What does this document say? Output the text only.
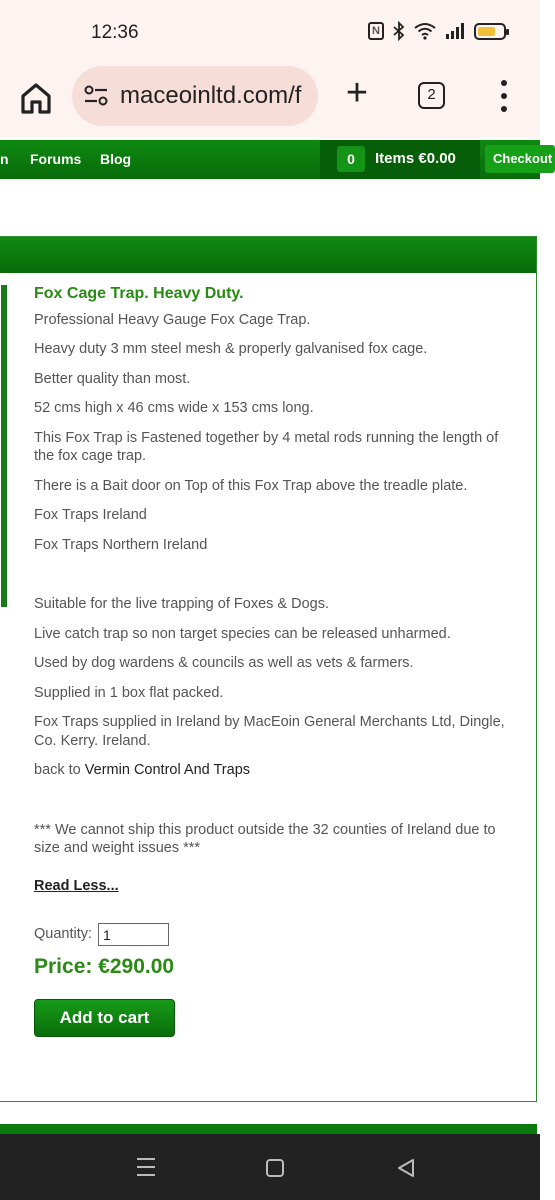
12:36	N
maceoinltd.com/f +	2
n Forums Blog	0	Items €0.00	Checkout
Fox Cage Trap. Heavy Duty.

Professional Heavy Gauge Fox Cage Trap.

Heavy duty 3 mm steel mesh & properly galvanised fox cage.

Better quality than most.

52 cms high x 46 cms wide x 153 cms long.

This Fox Trap is Fastened together by 4 metal rods running the length of the fox cage trap.

There is a Bait door on Top of this Fox Trap above the treadle plate.

Fox Traps Ireland

Fox Traps Northern Ireland

Suitable for the live trapping of Foxes & Dogs.

Live catch trap so non target species can be released unharmed.

Used by dog wardens & councils as well as vets & farmers.

Supplied in 1 box flat packed.

Fox Traps supplied in Ireland by MacEoin General Merchants Ltd, Dingle, Co. Kerry. Ireland.

back to Vermin Control And Traps

*** We cannot ship this product outside the 32 counties of Ireland due to size and weight issues ***

Read Less...
Quantity:
1
Price: €290.00
Add to cart
